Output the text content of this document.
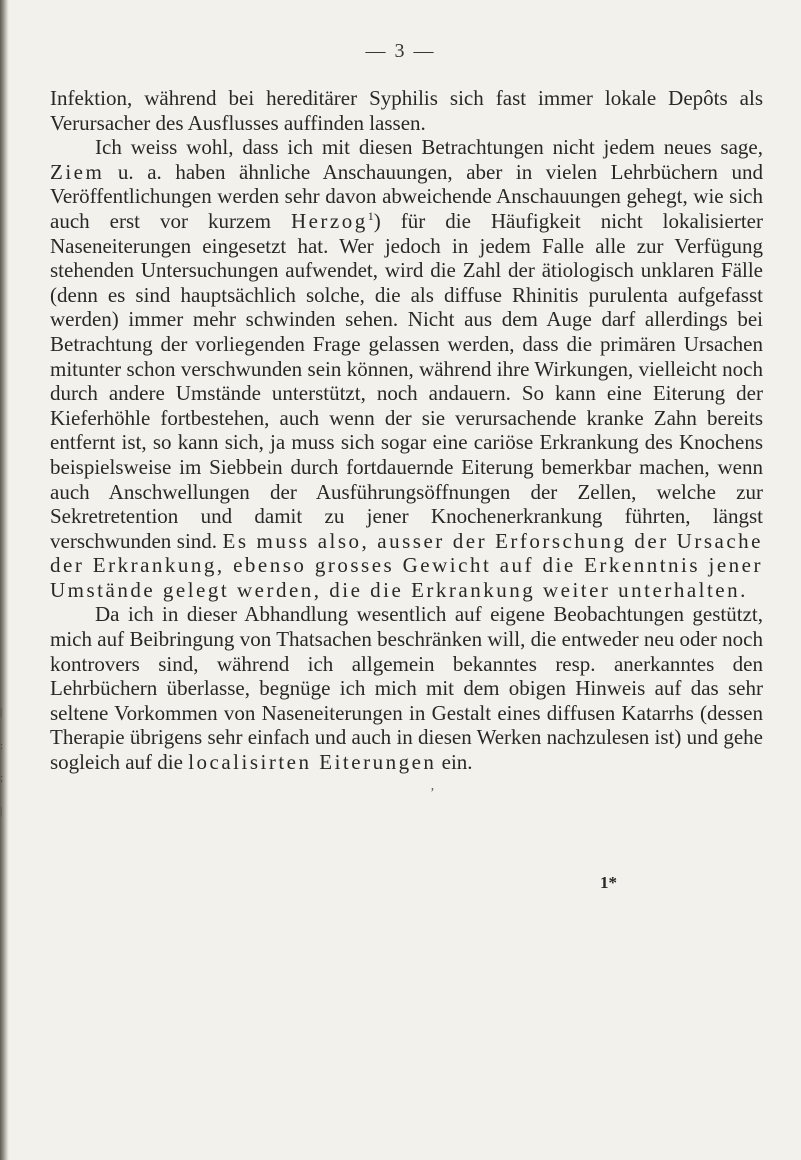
|
:
;
|
— 3 —

Infektion, während bei hereditärer Syphilis sich fast immer lokale Depôts als Verursacher des Ausflusses auffinden lassen.

Ich weiss wohl, dass ich mit diesen Betrachtungen nicht jedem neues sage, Ziem u. a. haben ähnliche Anschauungen, aber in vielen Lehrbüchern und Veröffentlichungen werden sehr davon abweichende Anschauungen gehegt, wie sich auch erst vor kurzem Herzog$^1$) für die Häufigkeit nicht lokalisierter Naseneiterungen eingesetzt hat. Wer jedoch in jedem Falle alle zur Verfügung stehenden Untersuchungen aufwendet, wird die Zahl der ätiologisch unklaren Fälle (denn es sind hauptsächlich solche, die als diffuse Rhinitis purulenta aufgefasst werden) immer mehr schwinden sehen. Nicht aus dem Auge darf allerdings bei Betrachtung der vorliegenden Frage gelassen werden, dass die primären Ursachen mitunter schon verschwunden sein können, während ihre Wirkungen, vielleicht noch durch andere Umstände unterstützt, noch andauern. So kann eine Eiterung der Kieferhöhle fortbestehen, auch wenn der sie verursachende kranke Zahn bereits entfernt ist, so kann sich, ja muss sich sogar eine cariöse Erkrankung des Knochens beispielsweise im Siebbein durch fortdauernde Eiterung bemerkbar machen, wenn auch Anschwellungen der Ausführungsöffnungen der Zellen, welche zur Sekretretention und damit zu jener Knochenerkrankung führten, längst verschwunden sind. Es muss also, ausser der Erforschung der Ursache der Erkrankung, ebenso grosses Gewicht auf die Erkenntnis jener Umstände gelegt werden, die die Erkrankung weiter unterhalten.

Da ich in dieser Abhandlung wesentlich auf eigene Beobachtungen gestützt, mich auf Beibringung von Thatsachen beschränken will, die entweder neu oder noch kontrovers sind, während ich allgemein bekanntes resp. anerkanntes den Lehrbüchern überlasse, begnüge ich mich mit dem obigen Hinweis auf das sehr seltene Vorkommen von Naseneiterungen in Gestalt eines diffusen Katarrhs (dessen Therapie übrigens sehr einfach und auch in diesen Werken nachzulesen ist) und gehe sogleich auf die localisirten Eiterungen ein.

’
1*
